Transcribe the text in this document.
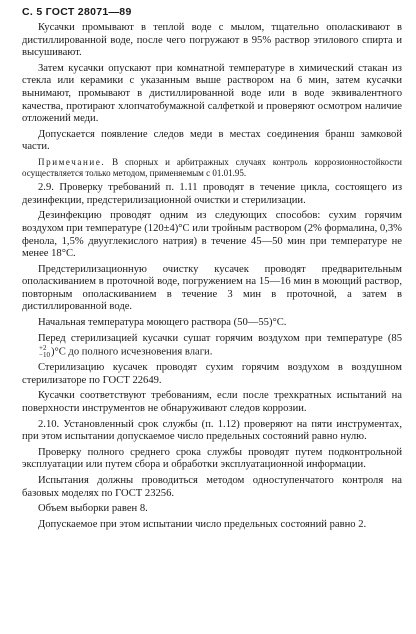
С. 5 ГОСТ 28071—89

Кусачки промывают в теплой воде с мылом, тщательно ополаскивают в дистиллированной воде, после чего погружают в 95% раствор этилового спирта и высушивают.

Затем кусачки опускают при комнатной температуре в химический стакан из стекла или керамики с указанным выше раствором на 6 мин, затем кусачки вынимают, промывают в дистиллированной воде или в воде эквивалентного качества, протирают хлопчатобумажной салфеткой и проверяют осмотром наличие отложений меди.

Допускается появление следов меди в местах соединения бранш замковой части.

Примечание. В спорных и арбитражных случаях контроль коррозионностойкости осуществляется только методом, применяемым с 01.01.95.

2.9. Проверку требований п. 1.11 проводят в течение цикла, состоящего из дезинфекции, предстерилизационной очистки и стерилизации.

Дезинфекцию проводят одним из следующих способов: сухим горячим воздухом при температуре (120±4)°С или тройным раствором (2% формалина, 0,3% фенола, 1,5% двууглекислого натрия) в течение 45—50 мин при температуре не менее 18°С.

Предстерилизационную очистку кусачек проводят предварительным ополаскиванием в проточной воде, погружением на 15—16 мин в моющий раствор, повторным ополаскиванием в течение 3 мин в проточной, а затем в дистиллированной воде.

Начальная температура моющего раствора (50—55)°С.

Перед стерилизацией кусачки сушат горячим воздухом при температуре (85
+2
−10 )°С до полного исчезновения влаги.

Стерилизацию кусачек проводят сухим горячим воздухом в воздушном стерилизаторе по ГОСТ 22649.

Кусачки соответствуют требованиям, если после трехкратных испытаний на поверхности инструментов не обнаруживают следов коррозии.

2.10. Установленный срок службы (п. 1.12) проверяют на пяти инструментах, при этом испытании допускаемое число предельных состояний равно нулю.

Проверку полного среднего срока службы проводят путем подконтрольной эксплуатации или путем сбора и обработки эксплуатационной информации.

Испытания должны проводиться методом одноступенчатого контроля на базовых моделях по ГОСТ 23256.

Объем выборки равен 8.

Допускаемое при этом испытании число предельных состояний равно 2.
